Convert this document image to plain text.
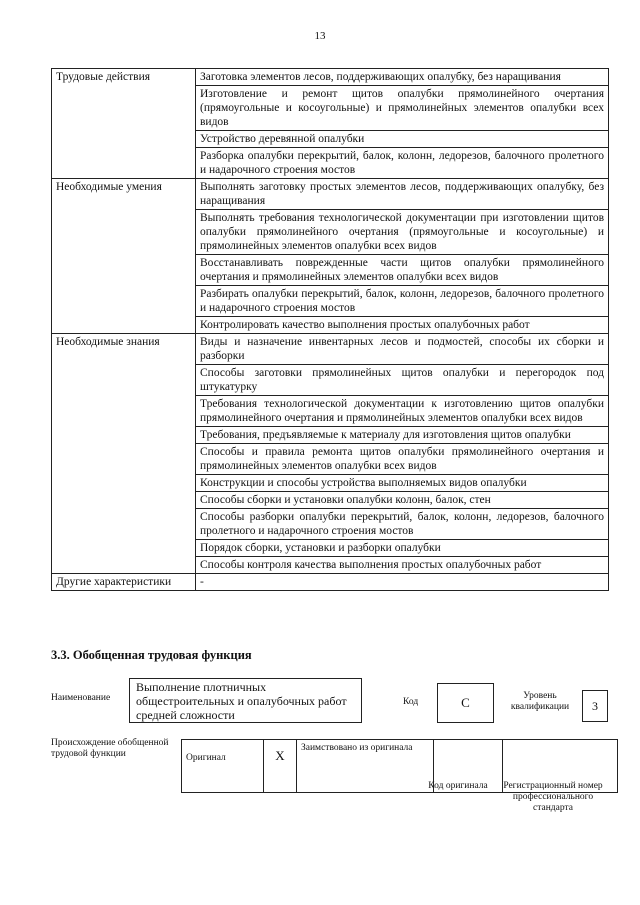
13
Трудовые действия	Заготовка элементов лесов, поддерживающих опалубку, без наращивания
	Изготовление и ремонт щитов опалубки прямолинейного очертания (прямоугольные и косоугольные) и прямолинейных элементов опалубки всех видов
	Устройство деревянной опалубки
	Разборка опалубки перекрытий, балок, колонн, ледорезов, балочного пролетного и надарочного строения мостов
Необходимые умения	Выполнять заготовку простых элементов лесов, поддерживающих опалубку, без наращивания
	Выполнять требования технологической документации при изготовлении щитов опалубки прямолинейного очертания (прямоугольные и косоугольные) и прямолинейных элементов опалубки всех видов
	Восстанавливать поврежденные части щитов опалубки прямолинейного очертания и прямолинейных элементов опалубки всех видов
	Разбирать опалубки перекрытий, балок, колонн, ледорезов, балочного пролетного и надарочного строения мостов
	Контролировать качество выполнения простых опалубочных работ
Необходимые знания	Виды и назначение инвентарных лесов и подмостей, способы их сборки и разборки
	Способы заготовки прямолинейных щитов опалубки и перегородок под штукатурку
	Требования технологической документации к изготовлению щитов опалубки прямолинейного очертания и прямолинейных элементов опалубки всех видов
	Требования, предъявляемые к материалу для изготовления щитов опалубки
	Способы и правила ремонта щитов опалубки прямолинейного очертания и прямолинейных элементов опалубки всех видов
	Конструкции и способы устройства выполняемых видов опалубки
	Способы сборки и установки опалубки колонн, балок, стен
	Способы разборки опалубки перекрытий, балок, колонн, ледорезов, балочного пролетного и надарочного строения мостов
	Порядок сборки, установки и разборки опалубки
	Способы контроля качества выполнения простых опалубочных работ
Другие характеристики	-
3.3. Обобщенная трудовая функция
Наименование
Выполнение плотничных общестроительных и опалубочных работ средней сложности
Код	С	Уровень квалификации	3
Происхождение обобщенной трудовой функции	Оригинал	X	Заимствовано из оригинала		
Код оригинала	Регистрационный номер профессионального стандарта
